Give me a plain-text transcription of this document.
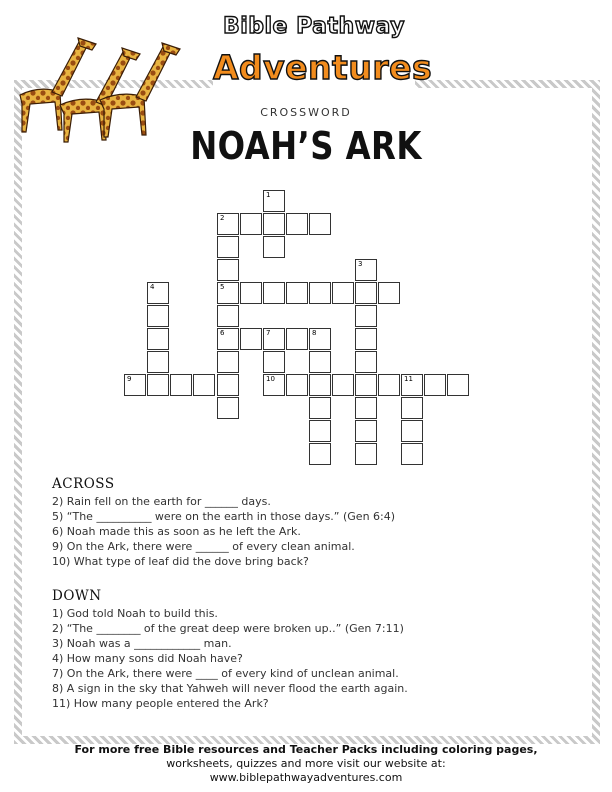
Bible Pathway
Adventures
CROSSWORD
NOAH’S ARK
1
2
3
4	5
6	7	8
9	10	11
ACROSS
2) Rain fell on the earth for ______ days.
5) “The __________ were on the earth in those days.” (Gen 6:4)
6) Noah made this as soon as he left the Ark.
9) On the Ark, there were ______ of every clean animal.
10) What type of leaf did the dove bring back?
DOWN
1) God told Noah to build this.
2) “The ________ of the great deep were broken up..” (Gen 7:11)
3) Noah was a ____________ man.
4) How many sons did Noah have?
7) On the Ark, there were ____ of every kind of unclean animal.
8) A sign in the sky that Yahweh will never flood the earth again.
11) How many people entered the Ark?
For more free Bible resources and Teacher Packs including coloring pages,
worksheets, quizzes and more visit our website at:
www.biblepathwayadventures.com
